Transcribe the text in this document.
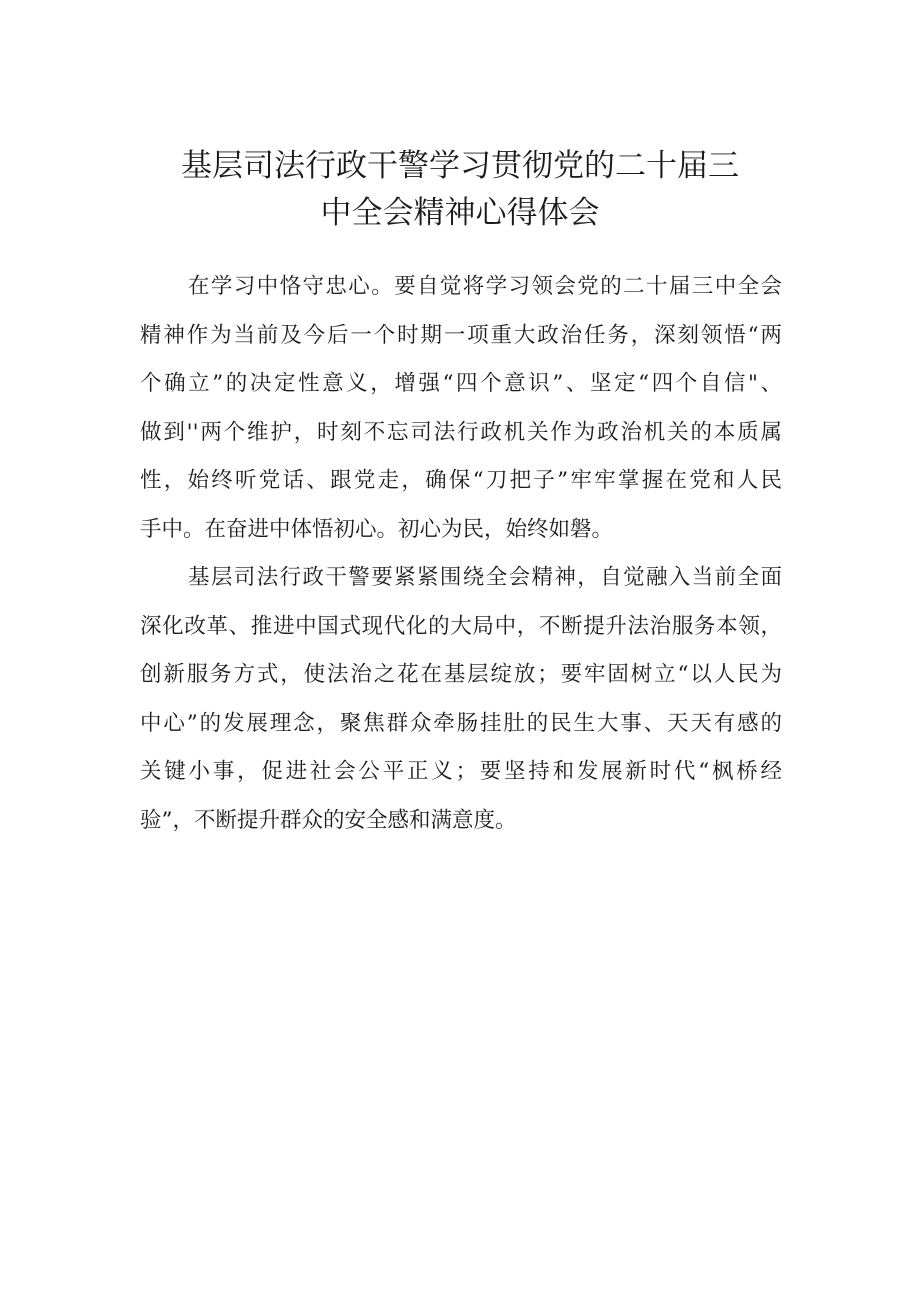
基层司法行政干警学习贯彻党的二十届三
中全会精神心得体会
在学习中恪守忠心。要自觉将学习领会党的二十届三中全会
精神作为当前及今后一个时期一项重大政治任务，深刻领悟“两
个确立”的决定性意义，增强“四个意识”、坚定“四个自信"、
做到''两个维护，时刻不忘司法行政机关作为政治机关的本质属
性，始终听党话、跟党走，确保“刀把子”牢牢掌握在党和人民
手中。在奋进中体悟初心。初心为民，始终如磐。
基层司法行政干警要紧紧围绕全会精神，自觉融入当前全面
深化改革、推进中国式现代化的大局中，不断提升法治服务本领，
创新服务方式，使法治之花在基层绽放；要牢固树立“以人民为
中心”的发展理念，聚焦群众牵肠挂肚的民生大事、天天有感的
关键小事，促进社会公平正义；要坚持和发展新时代“枫桥经
验”，不断提升群众的安全感和满意度。
